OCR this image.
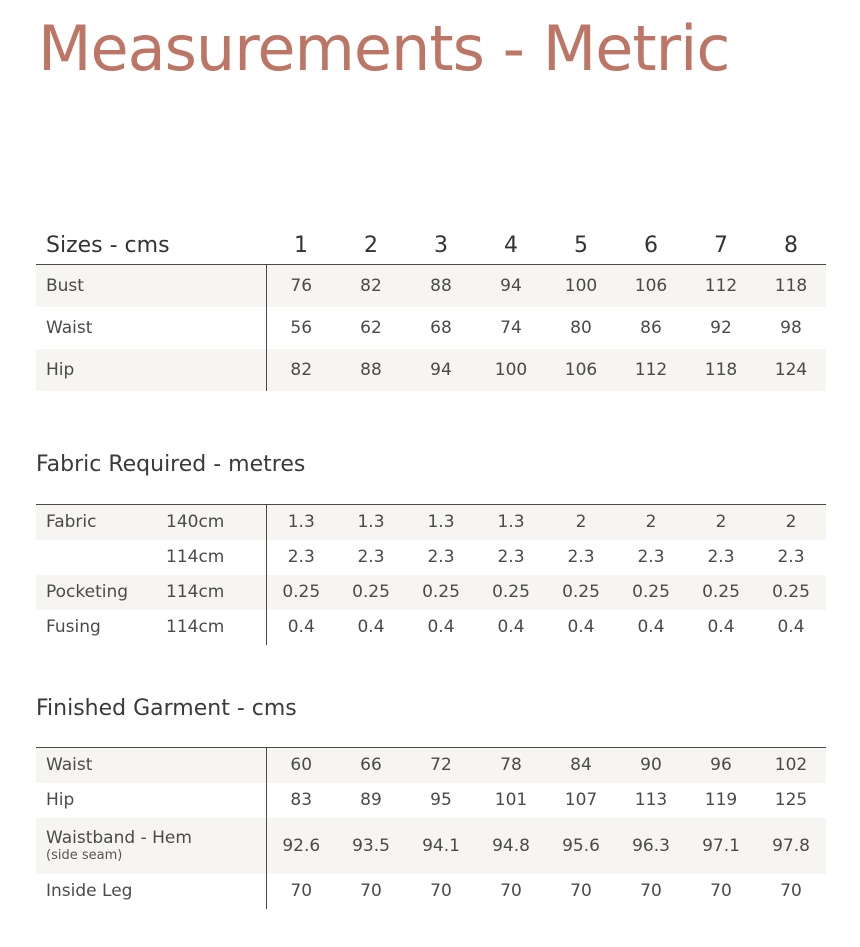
Measurements - Metric
Sizes - cms	1	2	3	4	5	6	7	8
Bust	76	82	88	94	100	106	112	118
Waist	56	62	68	74	80	86	92	98
Hip	82	88	94	100	106	112	118	124
Fabric Required - metres
Fabric	140cm	1.3	1.3	1.3	1.3	2	2	2	2
	114cm	2.3	2.3	2.3	2.3	2.3	2.3	2.3	2.3
Pocketing	114cm	0.25	0.25	0.25	0.25	0.25	0.25	0.25	0.25
Fusing	114cm	0.4	0.4	0.4	0.4	0.4	0.4	0.4	0.4
Finished Garment - cms
Waist	60	66	72	78	84	90	96	102
Hip	83	89	95	101	107	113	119	125
Waistband - Hem
(side seam)	92.6	93.5	94.1	94.8	95.6	96.3	97.1	97.8
Inside Leg	70	70	70	70	70	70	70	70
